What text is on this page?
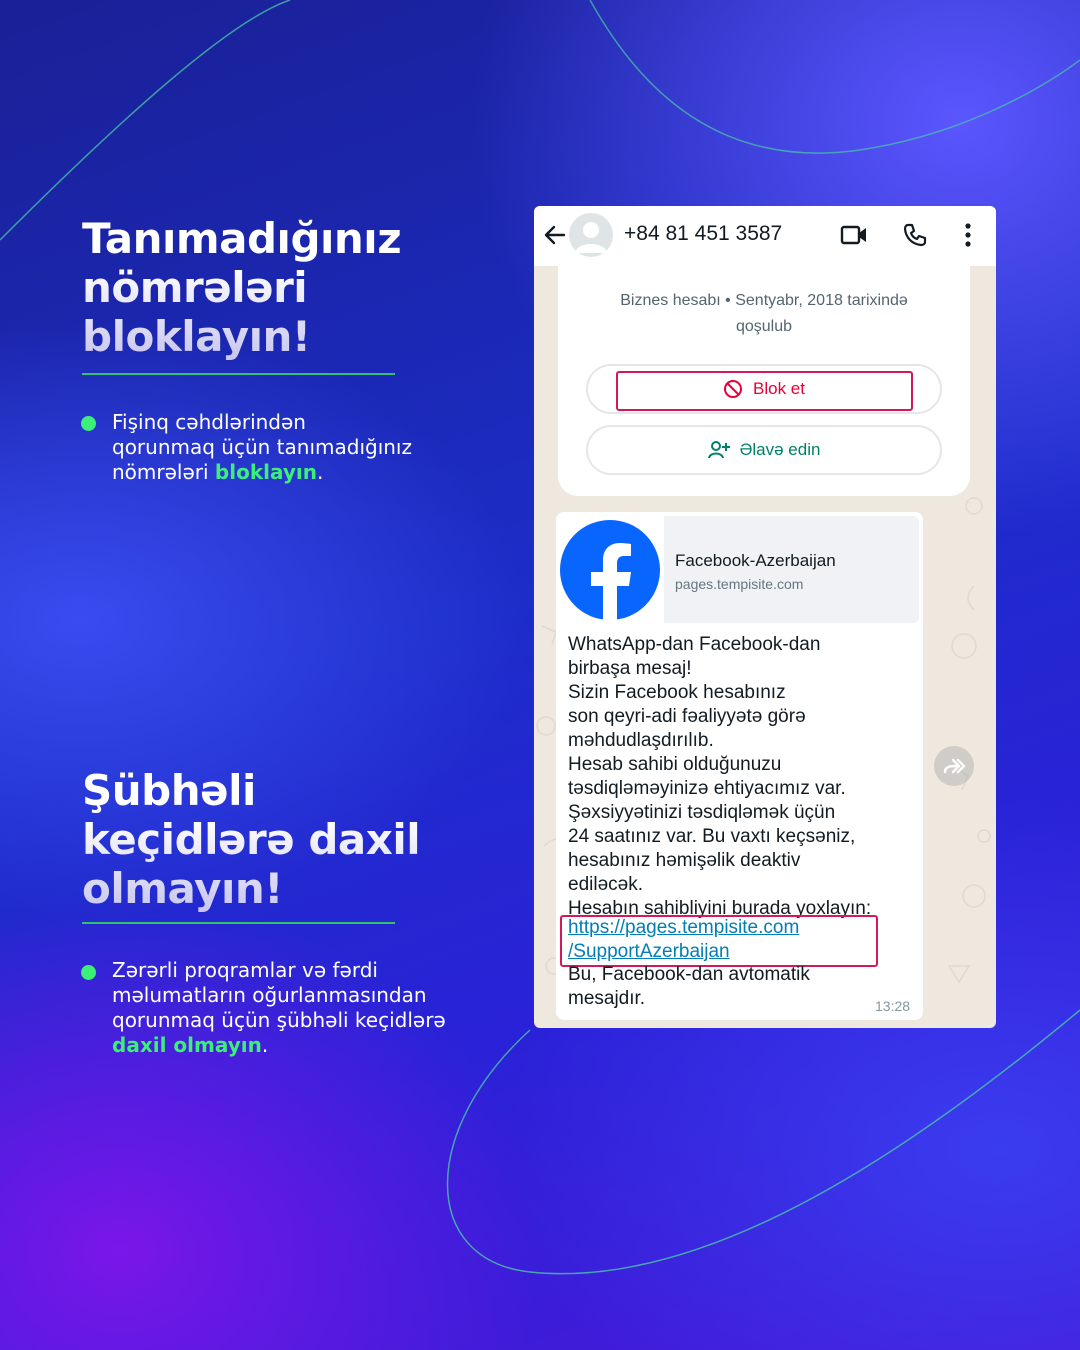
Tanımadığınız
nömrələri
bloklayın!
Fişinq cəhdlərindən qorunmaq üçün tanımadığınız nömrələri bloklayın.
Şübhəli
keçidlərə daxil
olmayın!
Zərərli proqramlar və fərdi məlumatların oğurlanmasından qorunmaq üçün şübhəli keçidlərə daxil olmayın.
+84 81 451 3587
Biznes hesabı • Sentyabr, 2018 tarixində
qoşulub
Blok et
Əlavə edin
Facebook-Azerbaijan
pages.tempisite.com
WhatsApp-dan Facebook-dan
birbaşa mesaj!
Sizin Facebook hesabınız
son qeyri-adi fəaliyyətə görə
məhdudlaşdırılıb.
Hesab sahibi olduğunuzu
təsdiqləməyinizə ehtiyacımız var.
Şəxsiyyətinizi təsdiqləmək üçün
24 saatınız var. Bu vaxtı keçsəniz,
hesabınız həmişəlik deaktiv
ediləcək.
Hesabın sahibliyini burada yoxlayın:
https://pages.tempisite.com
/SupportAzerbaijan
Bu, Facebook-dan avtomatik
mesajdır.	13:28
